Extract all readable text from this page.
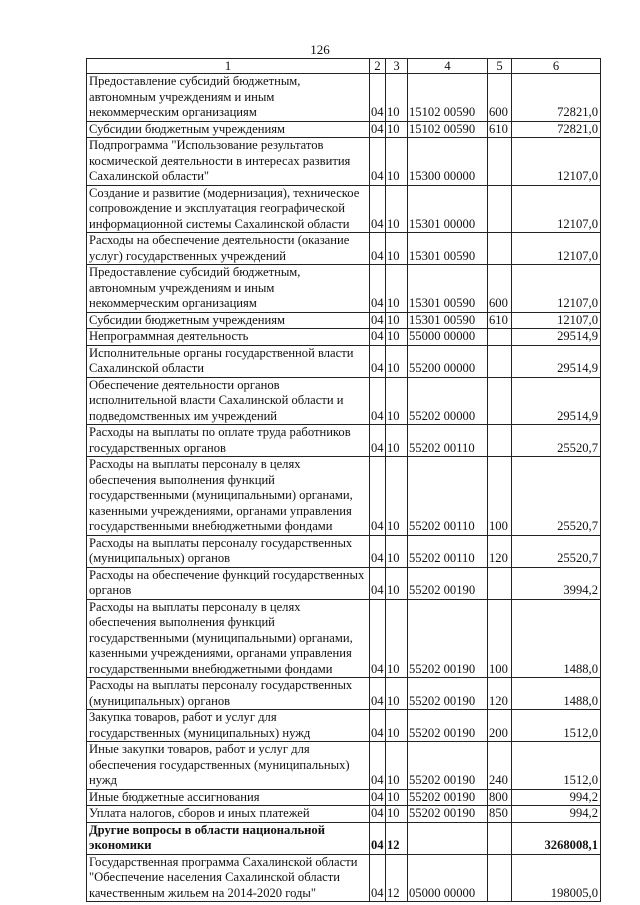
126
1	2	3	4	5	6
Предоставление субсидий бюджетным, автономным учреждениям и иным некоммерческим организациям	04	10	15102 00590	600	72821,0
Субсидии бюджетным учреждениям	04	10	15102 00590	610	72821,0
Подпрограмма "Использование результатов космической деятельности в интересах развития Сахалинской области"	04	10	15300 00000		12107,0
Создание и развитие (модернизация), техническое сопровождение и эксплуатация географической информационной системы Сахалинской области	04	10	15301 00000		12107,0
Расходы на обеспечение деятельности (оказание услуг) государственных учреждений	04	10	15301 00590		12107,0
Предоставление субсидий бюджетным, автономным учреждениям и иным некоммерческим организациям	04	10	15301 00590	600	12107,0
Субсидии бюджетным учреждениям	04	10	15301 00590	610	12107,0
Непрограммная деятельность	04	10	55000 00000		29514,9
Исполнительные органы государственной власти Сахалинской области	04	10	55200 00000		29514,9
Обеспечение деятельности органов исполнительной власти Сахалинской области и подведомственных им учреждений	04	10	55202 00000		29514,9
Расходы на выплаты по оплате труда работников государственных органов	04	10	55202 00110		25520,7
Расходы на выплаты персоналу в целях обеспечения выполнения функций государственными (муниципальными) органами, казенными учреждениями, органами управления государственными внебюджетными фондами	04	10	55202 00110	100	25520,7
Расходы на выплаты персоналу государственных (муниципальных) органов	04	10	55202 00110	120	25520,7
Расходы на обеспечение функций государственных органов	04	10	55202 00190		3994,2
Расходы на выплаты персоналу в целях обеспечения выполнения функций государственными (муниципальными) органами, казенными учреждениями, органами управления государственными внебюджетными фондами	04	10	55202 00190	100	1488,0
Расходы на выплаты персоналу государственных (муниципальных) органов	04	10	55202 00190	120	1488,0
Закупка товаров, работ и услуг для государственных (муниципальных) нужд	04	10	55202 00190	200	1512,0
Иные закупки товаров, работ и услуг для обеспечения государственных (муниципальных) нужд	04	10	55202 00190	240	1512,0
Иные бюджетные ассигнования	04	10	55202 00190	800	994,2
Уплата налогов, сборов и иных платежей	04	10	55202 00190	850	994,2
Другие вопросы в области национальной экономики	04	12			3268008,1
Государственная программа Сахалинской области "Обеспечение населения Сахалинской области качественным жильем на 2014-2020 годы"	04	12	05000 00000		198005,0
